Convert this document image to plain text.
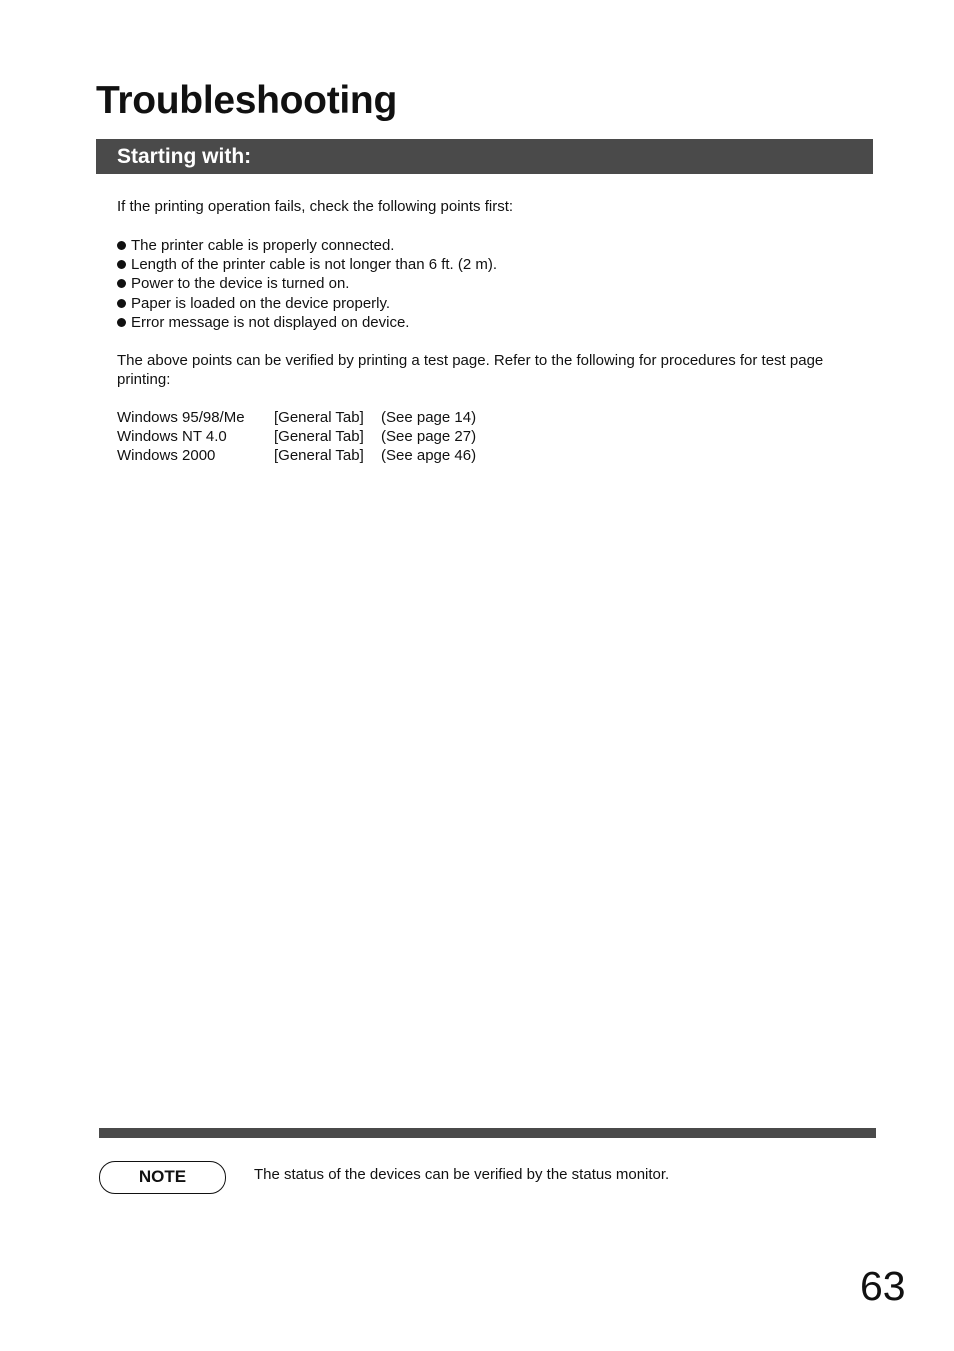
Troubleshooting
Starting with:
If the printing operation fails, check the following points first:
The printer cable is properly connected.
Length of the printer cable is not longer than 6 ft. (2 m).
Power to the device is turned on.
Paper is loaded on the device properly.
Error message is not displayed on device.
The above points can be verified by printing a test page. Refer to the following for procedures for test page printing:
Windows 95/98/Me	[General Tab]	(See page 14)
Windows NT 4.0	[General Tab]	(See page 27)
Windows 2000	[General Tab]	(See apge 46)
NOTE	The status of the devices can be verified by the status monitor.
63
